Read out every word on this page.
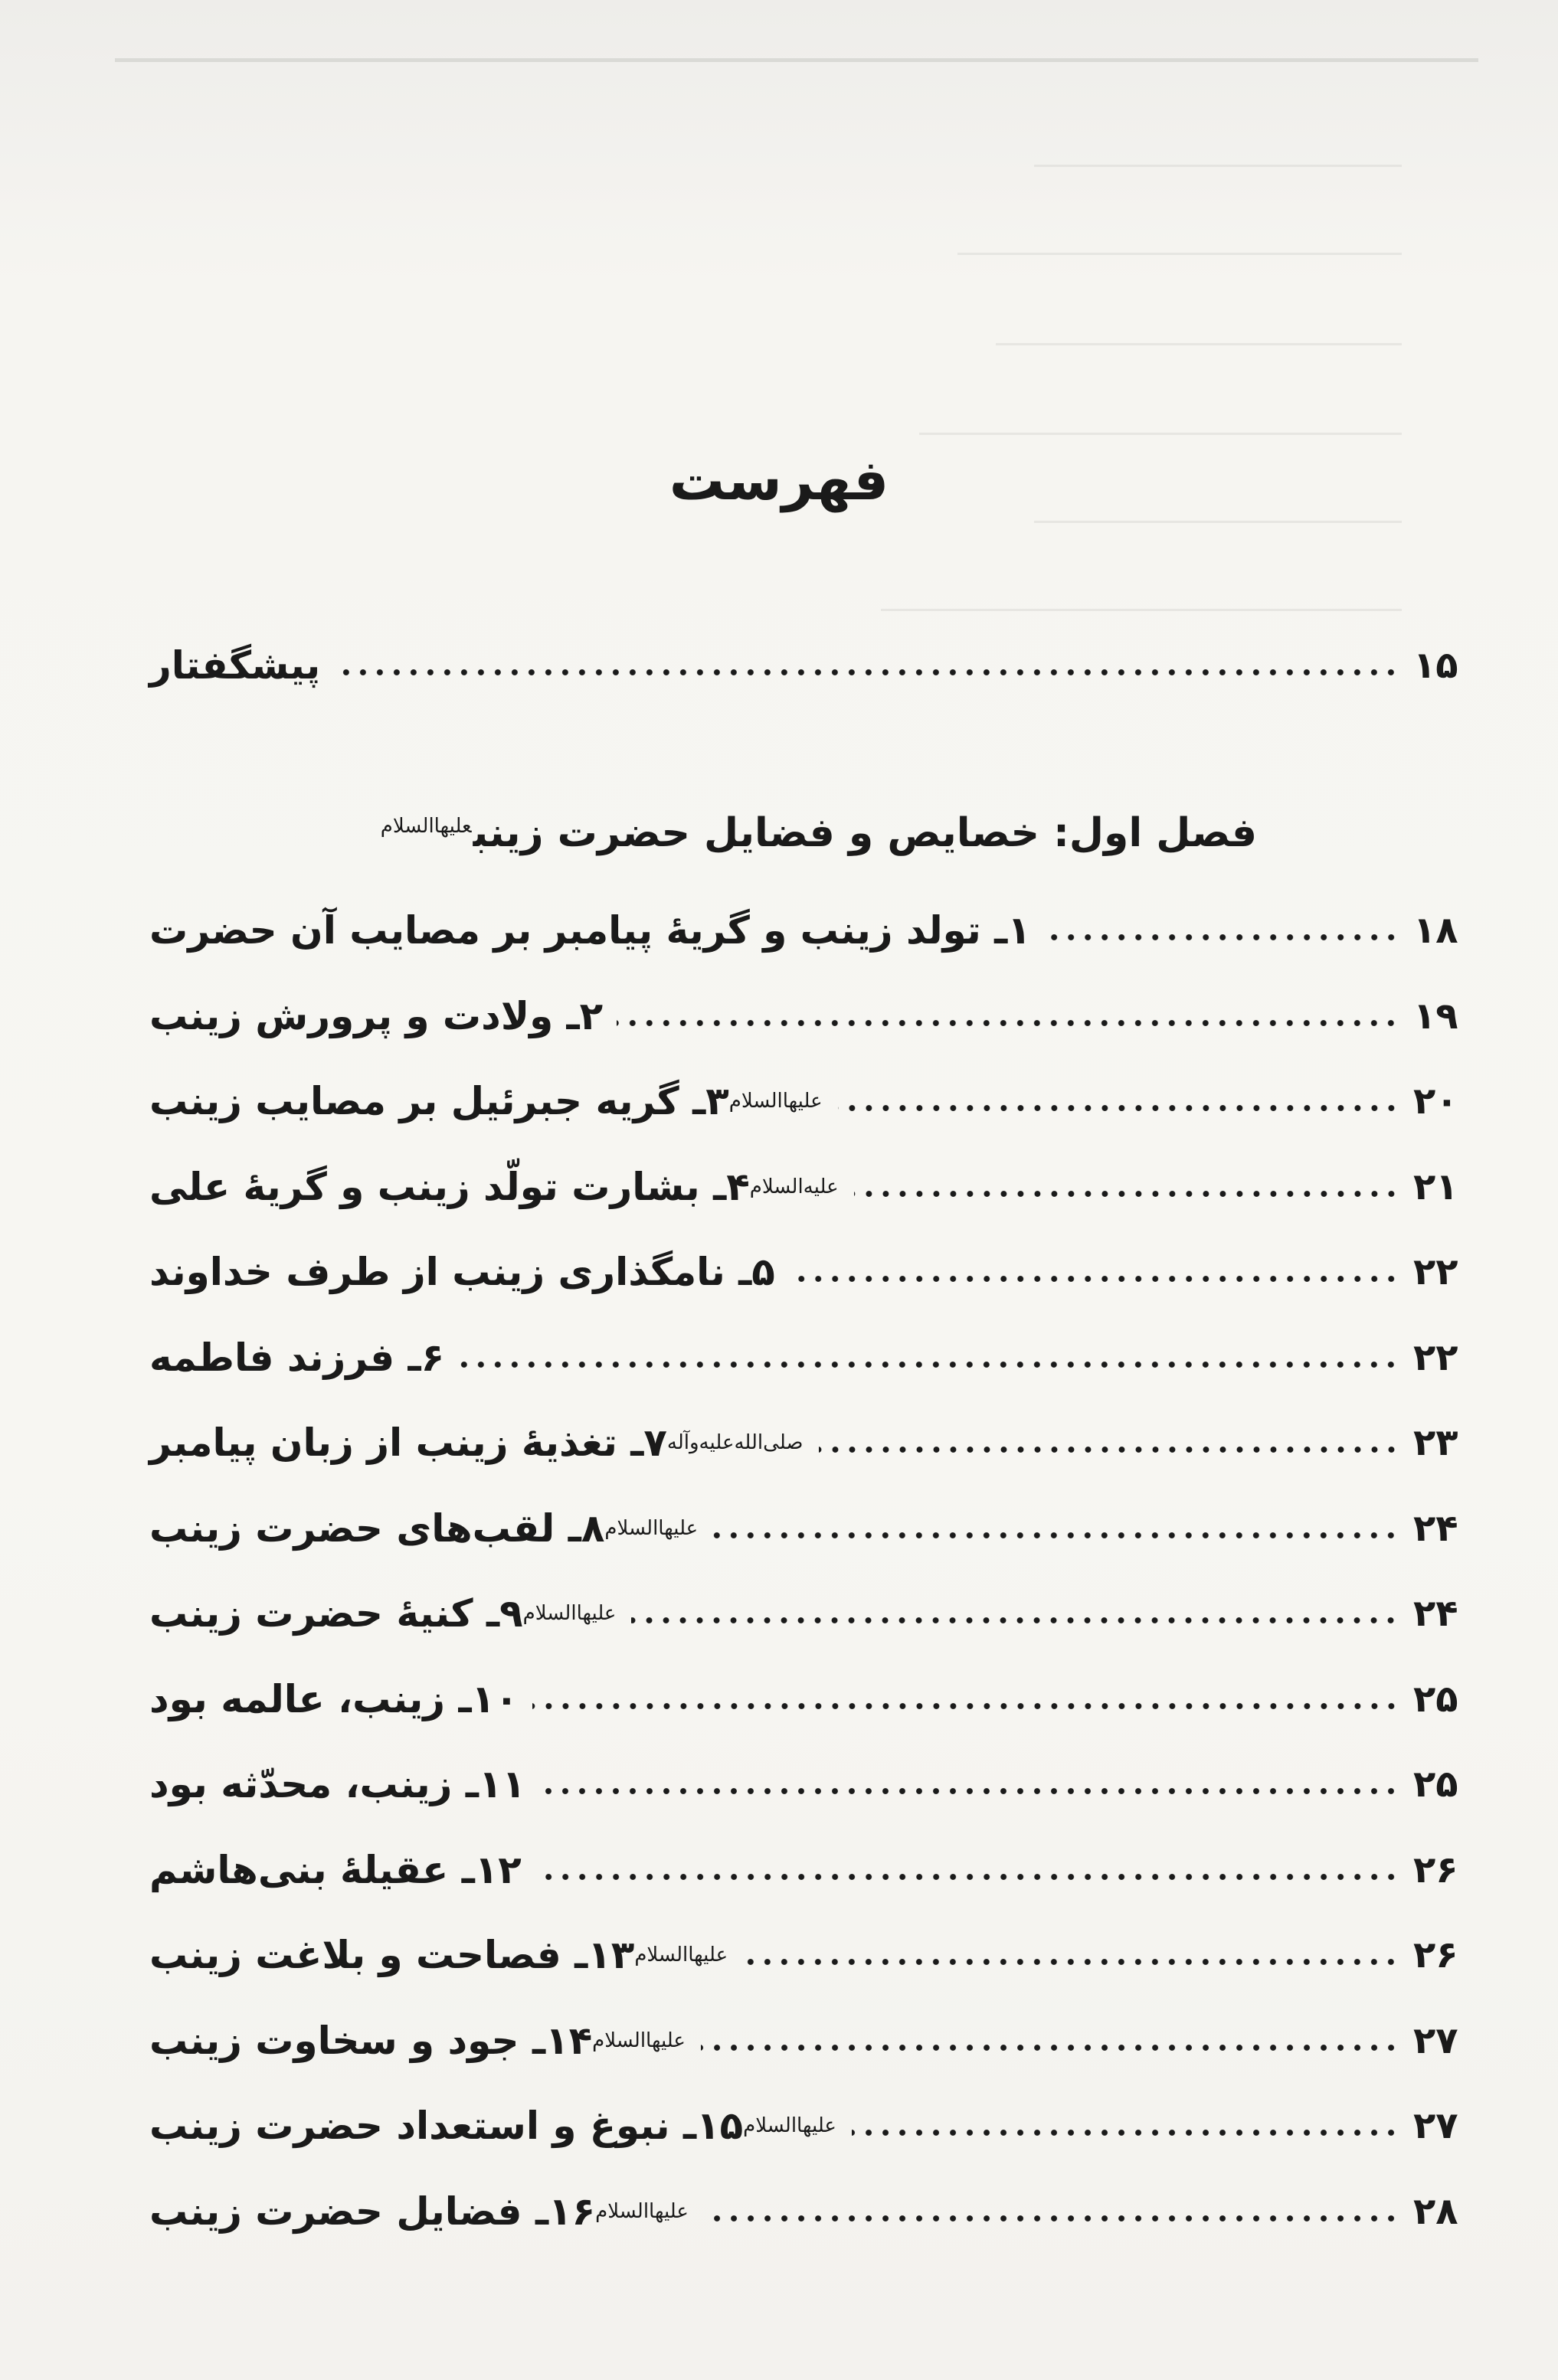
فهرست
پیشگفتار	۱۵
۱ـ تولد زینب و گریهٔ پیامبر بر مصایب آن حضرت	۱۸
۲ـ ولادت و پرورش زینب	۱۹
۳ـ گریه جبرئیل بر مصایب زینب علیهاالسلام	۲۰
۴ـ بشارت تولّد زینب و گریهٔ علی علیه‌السلام	۲۱
۵ـ نامگذاری زینب از طرف خداوند	۲۲
۶ـ فرزند فاطمه	۲۲
۷ـ تغذیهٔ زینب از زبان پیامبر صلی‌الله‌علیه‌وآله	۲۳
۸ـ لقب‌های حضرت زینب علیهاالسلام	۲۴
۹ـ کنیهٔ حضرت زینب علیهاالسلام	۲۴
۱۰ـ زینب، عالمه بود	۲۵
۱۱ـ زینب، محدّثه بود	۲۵
۱۲ـ عقیلهٔ بنی‌هاشم	۲۶
۱۳ـ فصاحت و بلاغت زینب علیهاالسلام	۲۶
۱۴ـ جود و سخاوت زینب علیهاالسلام	۲۷
۱۵ـ نبوغ و استعداد حضرت زینب علیهاالسلام	۲۷
۱۶ـ فضایل حضرت زینب علیهاالسلام	۲۸
فصل اول: خصایص و فضایل حضرت زینب$^{علیهاالسلام}$
